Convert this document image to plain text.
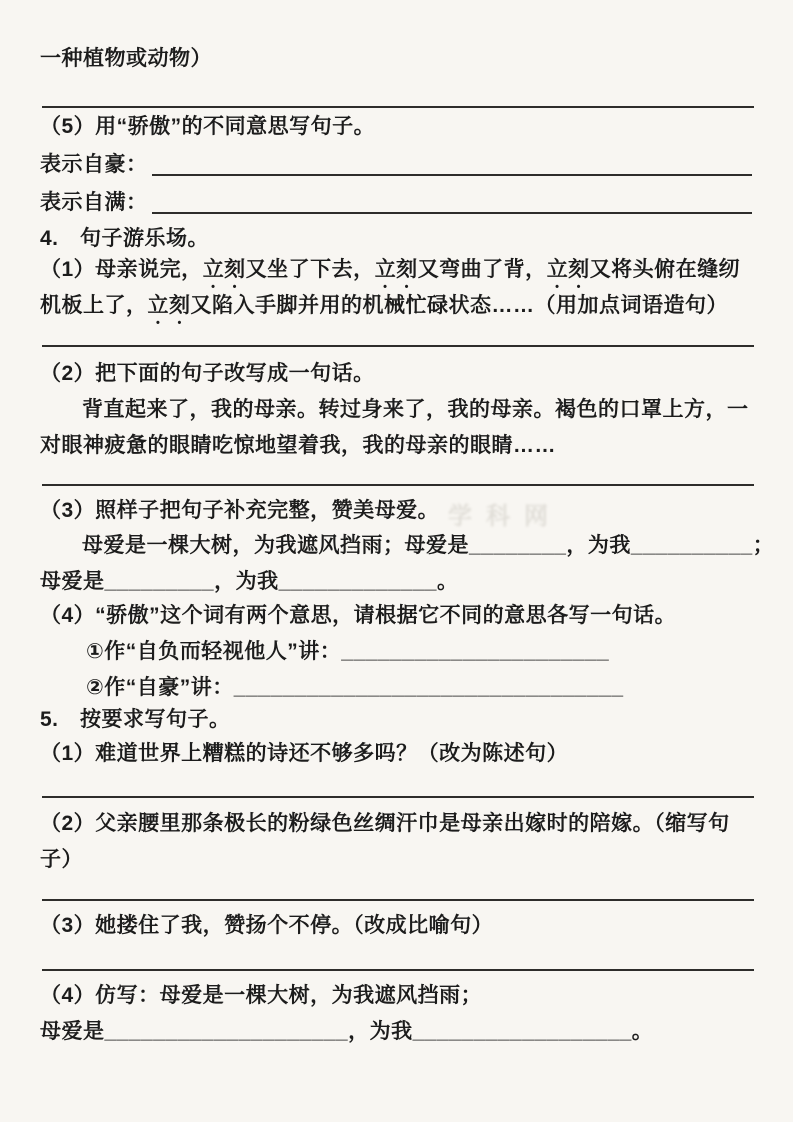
一种植物或动物）
（5）用“骄傲”的不同意思写句子。
表示自豪：
表示自满：
4.　句子游乐场。
（1）母亲说完，立刻又坐了下去，立刻又弯曲了背，立刻又将头俯在缝纫
机板上了，立刻又陷入手脚并用的机械忙碌状态……（用加点词语造句）
（2）把下面的句子改写成一句话。
背直起来了，我的母亲。转过身来了，我的母亲。褐色的口罩上方，一
对眼神疲惫的眼睛吃惊地望着我，我的母亲的眼睛……
（3）照样子把句子补充完整，赞美母爱。 学科网
母爱是一棵大树，为我遮风挡雨；母爱是________，为我__________；
母爱是_________，为我_____________。
（4）“骄傲”这个词有两个意思，请根据它不同的意思各写一句话。
①作“自负而轻视他人”讲：______________________
②作“自豪”讲：________________________________
5.　按要求写句子。
（1）难道世界上糟糕的诗还不够多吗？（改为陈述句）
（2）父亲腰里那条极长的粉绿色丝绸汗巾是母亲出嫁时的陪嫁。（缩写句
子）
（3）她搂住了我，赞扬个不停。（改成比喻句）
（4）仿写：母爱是一棵大树，为我遮风挡雨；
母爱是____________________，为我__________________。
